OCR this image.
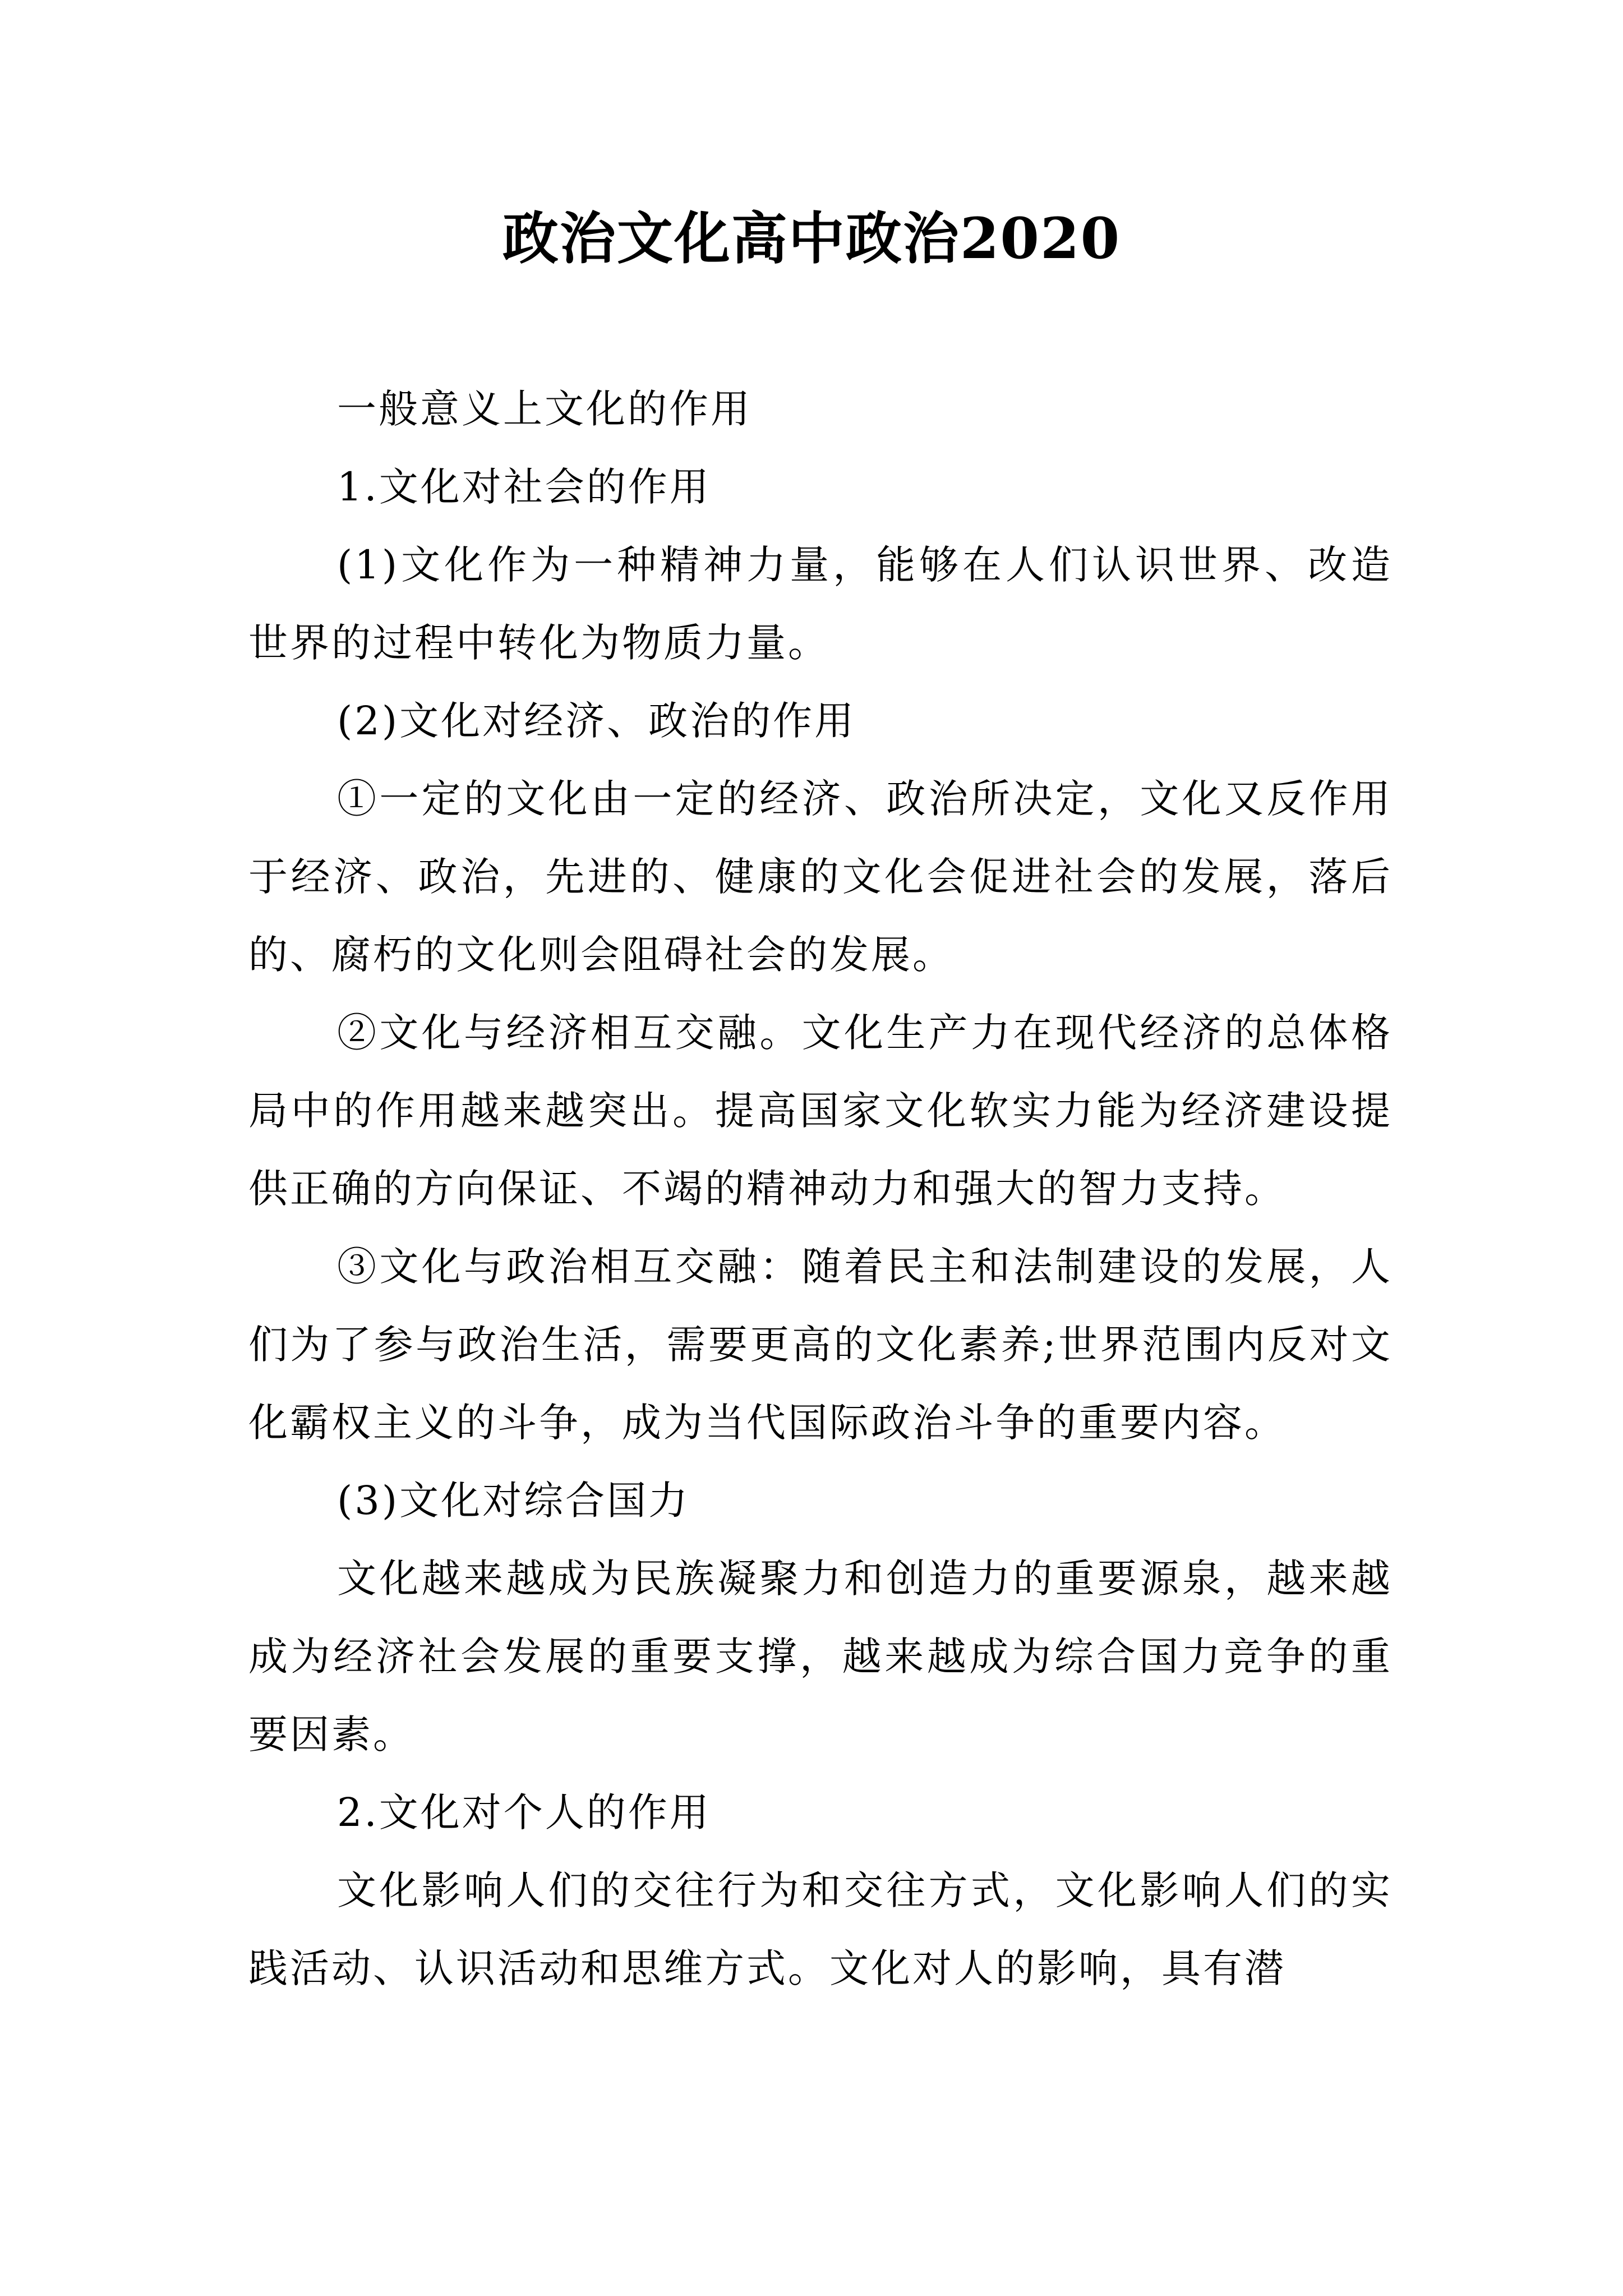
政治文化高中政治2020

一般意义上文化的作用

1.文化对社会的作用

(1)文化作为一种精神力量，能够在人们认识世界、改造世界的过程中转化为物质力量。

(2)文化对经济、政治的作用

①一定的文化由一定的经济、政治所决定，文化又反作用于经济、政治，先进的、健康的文化会促进社会的发展，落后的、腐朽的文化则会阻碍社会的发展。

②文化与经济相互交融。文化生产力在现代经济的总体格局中的作用越来越突出。提高国家文化软实力能为经济建设提供正确的方向保证、不竭的精神动力和强大的智力支持。

③文化与政治相互交融：随着民主和法制建设的发展，人们为了参与政治生活，需要更高的文化素养;世界范围内反对文化霸权主义的斗争，成为当代国际政治斗争的重要内容。

(3)文化对综合国力

文化越来越成为民族凝聚力和创造力的重要源泉，越来越成为经济社会发展的重要支撑，越来越成为综合国力竞争的重要因素。

2.文化对个人的作用

文化影响人们的交往行为和交往方式，文化影响人们的实践活动、认识活动和思维方式。文化对人的影响，具有潜
